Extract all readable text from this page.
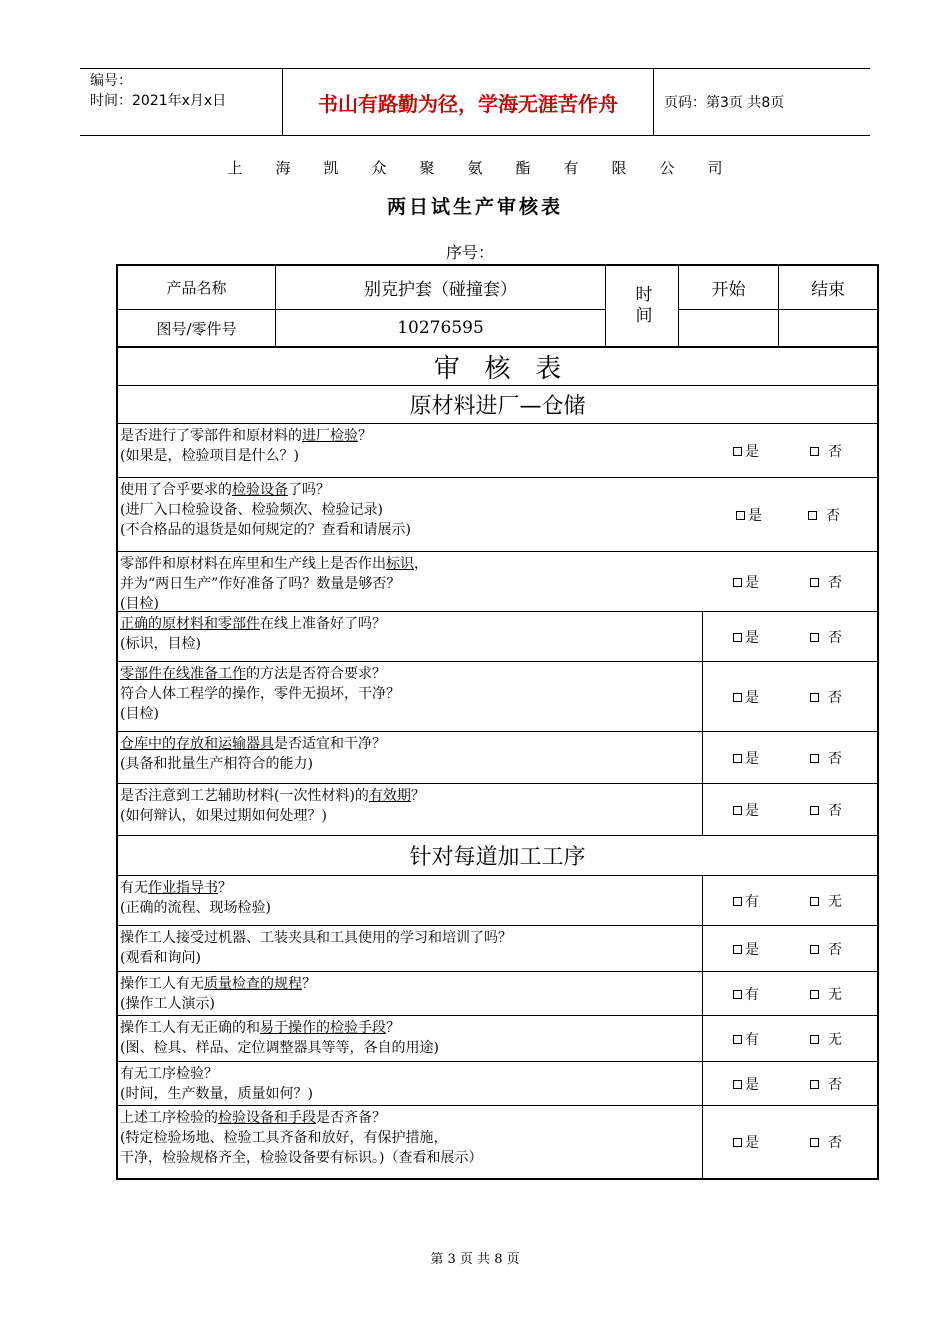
编号：
时间：2021年x月x日	书山有路勤为径，学海无涯苦作舟	页码：第3页 共8页
上海凯众聚氨酯有限公司
两日试生产审核表
序号：
产品名称	别克护套（碰撞套）
图号/零件号	10276595
时间	开始	结束
审   核   表
原材料进厂—仓储

是否进行了零部件和原材料的进厂检验？

(如果是，检验项目是什么？)	是	否

使用了合乎要求的检验设备了吗？

(进厂入口检验设备、检验频次、检验记录)

(不合格品的退货是如何规定的？查看和请展示)

是	否

零部件和原材料在库里和生产线上是否作出标识，

并为“两日生产”作好准备了吗？数量是够否？

(目检)

是	否

正确的原材料和零部件在线上准备好了吗？

(标识，目检)	是	否

零部件在线准备工作的方法是否符合要求？

符合人体工程学的操作，零件无损坏，干净？

(目检)

是	否

仓库中的存放和运输器具是否适宜和干净？

(具备和批量生产相符合的能力)	是	否

是否注意到工艺辅助材料(一次性材料)的有效期？

(如何辩认，如果过期如何处理？)	是	否
针对每道加工工序

有无作业指导书？

(正确的流程、现场检验)	有	无

操作工人接受过机器、工装夹具和工具使用的学习和培训了吗？

(观看和询问)	是	否

操作工人有无质量检查的规程？

(操作工人演示)

有	无

操作工人有无正确的和易于操作的检验手段？

(图、检具、样品、定位调整器具等等，各自的用途)	有	无

有无工序检验？

(时间，生产数量，质量如何？)

是	否

上述工序检验的检验设备和手段是否齐备？

(特定检验场地、检验工具齐备和放好，有保护措施，

干净，检验规格齐全，检验设备要有标识。)（查看和展示）

是	否
第 3 页 共 8 页
